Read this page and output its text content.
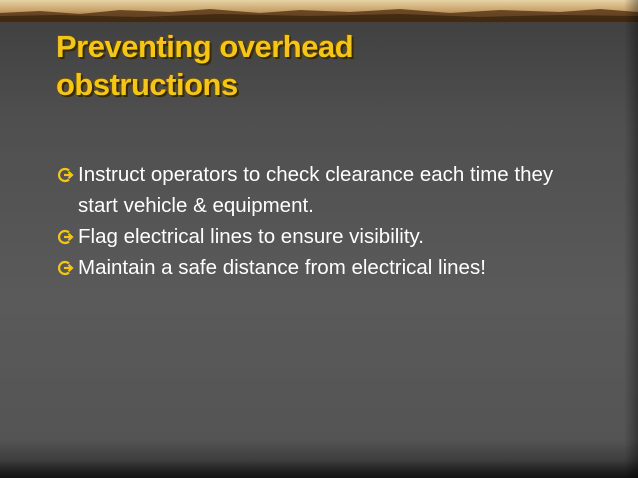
Preventing overhead
obstructions
Instruct operators to check clearance each time they start vehicle & equipment.
Flag electrical lines to ensure visibility.
Maintain a safe distance from electrical lines!
